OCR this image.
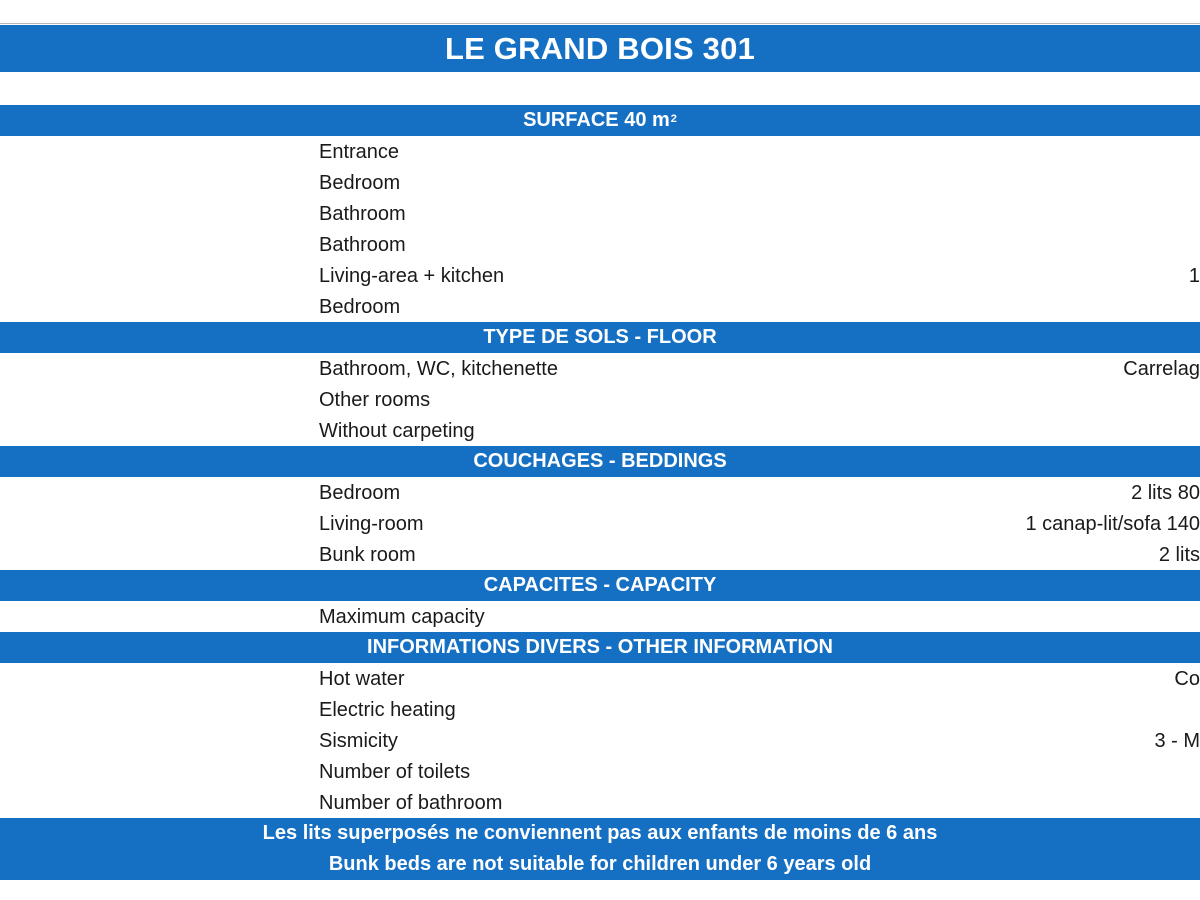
LE GRAND BOIS 301
SURFACE 40 $m^2$
Entrance
Bedroom
Bathroom
Bathroom
Living-area + kitchen	1
Bedroom
TYPE DE SOLS - FLOOR
Bathroom, WC, kitchenette	Carrelag
Other rooms
Without carpeting
COUCHAGES - BEDDINGS
Bedroom	2 lits 80
Living-room	1 canap-lit/sofa 140
Bunk room	2 lits
CAPACITES - CAPACITY
Maximum capacity
INFORMATIONS DIVERS - OTHER INFORMATION
Hot water	Co
Electric heating
Sismicity	3 - M
Number of toilets
Number of bathroom
Les lits superposés ne conviennent pas aux enfants de moins de 6 ans
Bunk beds are not suitable for children under 6 years old
